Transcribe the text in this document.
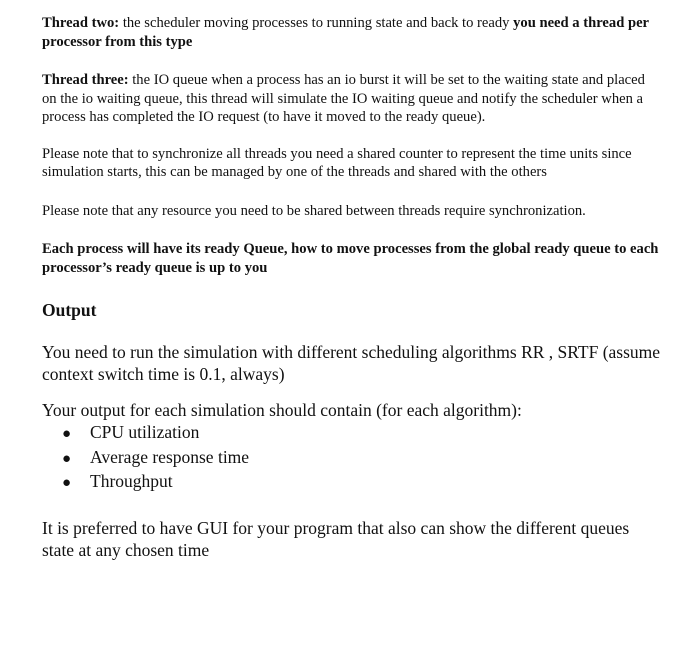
Thread two: the scheduler moving processes to running state and back to ready you need a thread per processor from this type

Thread three: the IO queue when a process has an io burst it will be set to the waiting state and placed on the io waiting queue, this thread will simulate the IO waiting queue and notify the scheduler when a process has completed the IO request (to have it moved to the ready queue).

Please note that to synchronize all threads you need a shared counter to represent the time units since simulation starts, this can be managed by one of the threads and shared with the others

Please note that any resource you need to be shared between threads require synchronization.

Each process will have its ready Queue, how to move processes from the global ready queue to each processor’s ready queue is up to you

Output

You need to run the simulation with different scheduling algorithms RR , SRTF (assume context switch time is 0.1, always)

Your output for each simulation should contain (for each algorithm):

●	CPU utilization
●	Average response time
●	Throughput

It is preferred to have GUI for your program that also can show the different queues state at any chosen time
